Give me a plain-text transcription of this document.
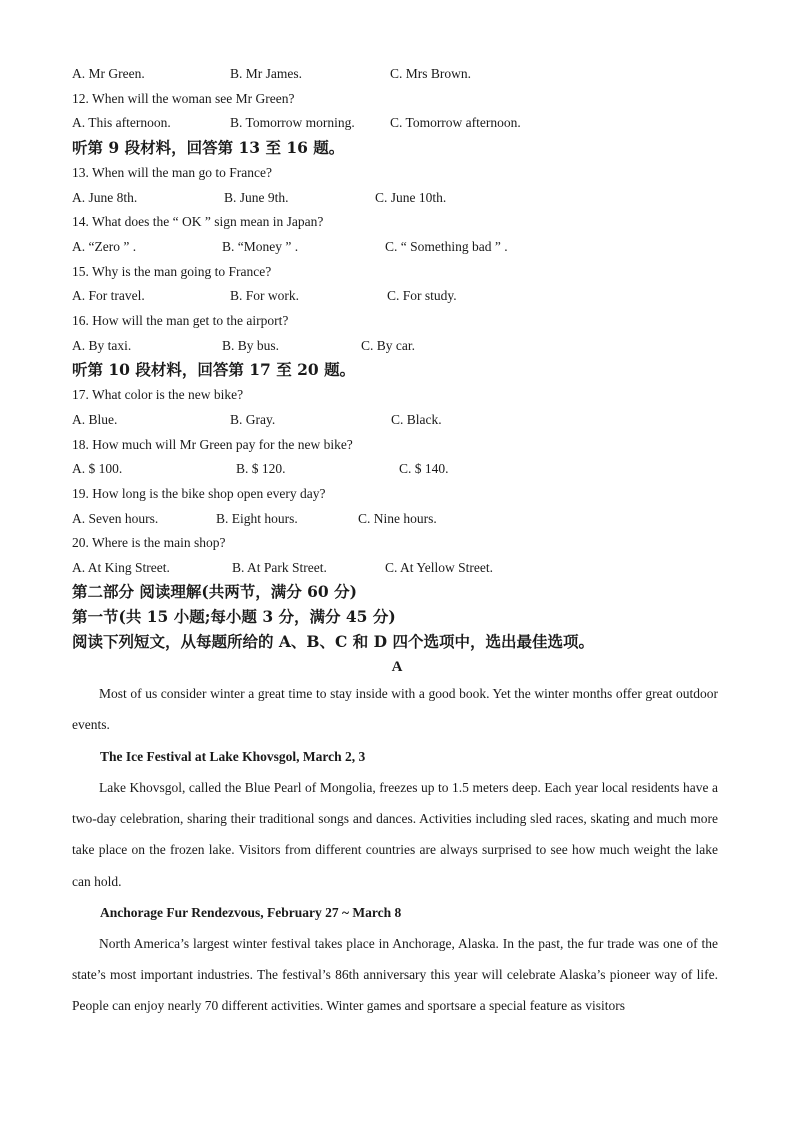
A. Mr Green.	B. Mr James.	C. Mrs Brown.
12. When will the woman see Mr Green?
A. This afternoon.	B. Tomorrow morning.	C. Tomorrow afternoon.
听第 9 段材料，回答第 13 至 16 题。
13. When will the man go to France?
A. June 8th.	B. June 9th.	C. June 10th.
14. What does the “ OK ” sign mean in Japan?
A. “Zero ” .	B. “Money ” .	C. “ Something bad ” .
15. Why is the man going to France?
A. For travel.	B. For work.	C. For study.
16. How will the man get to the airport?
A. By taxi.	B. By bus.	C. By car.
听第 10 段材料，回答第 17 至 20 题。
17. What color is the new bike?
A. Blue.	B. Gray.	C. Black.
18. How much will Mr Green pay for the new bike?
A. $ 100.	B. $ 120.	C. $ 140.
19. How long is the bike shop open every day?
A. Seven hours.	B. Eight hours.	C. Nine hours.
20. Where is the main shop?
A. At King Street.	B. At Park Street.	C. At Yellow Street.
第二部分 阅读理解(共两节，满分 60 分)
第一节(共 15 小题;每小题 3 分，满分 45 分)
阅读下列短文，从每题所给的 A、B、C 和 D 四个选项中，选出最佳选项。
A
Most of us consider winter a great time to stay inside with a good book. Yet the winter months offer great outdoor events.
The Ice Festival at Lake Khovsgol, March 2, 3
Lake Khovsgol, called the Blue Pearl of Mongolia, freezes up to 1.5 meters deep. Each year local residents have a two-day celebration, sharing their traditional songs and dances. Activities including sled races, skating and much more take place on the frozen lake. Visitors from different countries are always surprised to see how much weight the lake can hold.
Anchorage Fur Rendezvous, February 27 ~ March 8
North America’s largest winter festival takes place in Anchorage, Alaska. In the past, the fur trade was one of the state’s most important industries. The festival’s 86th anniversary this year will celebrate Alaska’s pioneer way of life. People can enjoy nearly 70 different activities. Winter games and sportsare a special feature as visitors
